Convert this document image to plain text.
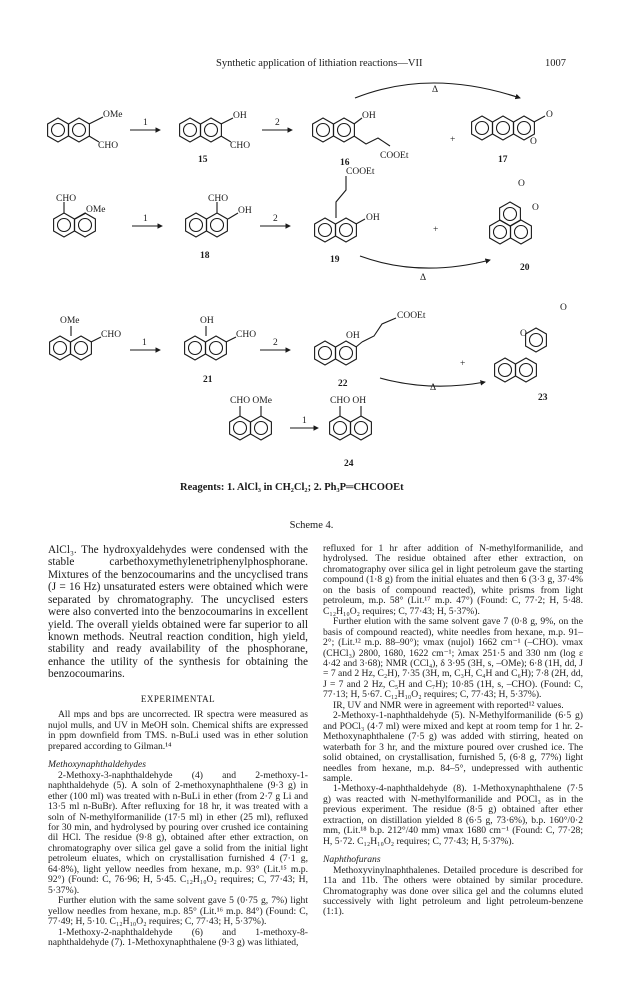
Synthetic application of lithiation reactions—VII	1007
OMe
CHO
1
OH
CHO
15
2
OH
COOEt
16
Δ
+
O
O
17
CHO
OMe
1
CHO
OH
18
2
COOEt
OH
19
+
Δ
O
O
20
OMe
CHO
1
OH
CHO
21
2
OH
COOEt
22
+
Δ
O
O
23
CHO OMe
1
CHO OH
24
Reagents: 1. AlCl₃ in CH₂Cl₂; 2. Ph₃P═CHCOOEt
Scheme 4.

AlCl₃. The hydroxyaldehydes were condensed with the stable carbethoxymethylenetriphenylphosphorane. Mixtures of the benzocoumarins and the uncyclised trans (J = 16 Hz) unsaturated esters were obtained which were separated by chromatography. The uncyclised esters were also converted into the benzocoumarins in excellent yield. The overall yields obtained were far superior to all known methods. Neutral reaction condition, high yield, stability and ready availability of the phosphorane, enhance the utility of the synthesis for obtaining the benzocoumarins.

EXPERIMENTAL

All mps and bps are uncorrected. IR spectra were measured as nujol mulls, and UV in MeOH soln. Chemical shifts are expressed in ppm downfield from TMS. n-BuLi used was in ether solution prepared according to Gilman.¹⁴

Methoxynaphthaldehydes

2-Methoxy-3-naphthaldehyde (4) and 2-methoxy-1-naphthaldehyde (5). A soln of 2-methoxynaphthalene (9·3 g) in ether (100 ml) was treated with n-BuLi in ether (from 2·7 g Li and 13·5 ml n-BuBr). After refluxing for 18 hr, it was treated with a soln of N-methylformanilide (17·5 ml) in ether (25 ml), refluxed for 30 min, and hydrolysed by pouring over crushed ice containing dil HCl. The residue (9·8 g), obtained after ether extraction, on chromatography over silica gel gave a solid from the initial light petroleum eluates, which on crystallisation furnished 4 (7·1 g, 64·8%), light yellow needles from hexane, m.p. 93° (Lit.¹⁵ m.p. 92°) (Found: C, 76·96; H, 5·45. C₁₂H₁₀O₂ requires; C, 77·43; H, 5·37%).

Further elution with the same solvent gave 5 (0·75 g, 7%) light yellow needles from hexane, m.p. 85° (Lit.¹⁶ m.p. 84°) (Found: C, 77·49; H, 5·10. C₁₂H₁₀O₂ requires; C, 77·43; H, 5·37%).

1-Methoxy-2-naphthaldehyde (6) and 1-methoxy-8-naphthaldehyde (7). 1-Methoxynaphthalene (9·3 g) was lithiated,

refluxed for 1 hr after addition of N-methylformanilide, and hydrolysed. The residue obtained after ether extraction, on chromatography over silica gel in light petroleum gave the starting compound (1·8 g) from the initial eluates and then 6 (3·3 g, 37·4% on the basis of compound reacted), white prisms from light petroleum, m.p. 58° (Lit.¹⁷ m.p. 47°) (Found: C, 77·2; H, 5·48. C₁₂H₁₀O₂ requires; C, 77·43; H, 5·37%).

Further elution with the same solvent gave 7 (0·8 g, 9%, on the basis of compound reacted), white needles from hexane, m.p. 91–2°; (Lit.¹² m.p. 88–90°); νmax (nujol) 1662 cm⁻¹ (–CHO). νmax (CHCl₃) 2800, 1680, 1622 cm⁻¹; λmax 251·5 and 330 nm (log ε 4·42 and 3·68); NMR (CCl₄), δ 3·95 (3H, s, –OMe); 6·8 (1H, dd, J = 7 and 2 Hz, C₂H), 7·35 (3H, m, C₃H, C₄H and C₆H); 7·8 (2H, dd, J = 7 and 2 Hz, C₅H and C₇H); 10·85 (1H, s, –CHO). (Found: C, 77·13; H, 5·67. C₁₂H₁₀O₂ requires; C, 77·43; H, 5·37%).

IR, UV and NMR were in agreement with reported¹² values.

2-Methoxy-1-naphthaldehyde (5). N-Methylformanilide (6·5 g) and POCl₃ (4·7 ml) were mixed and kept at room temp for 1 hr. 2-Methoxynaphthalene (7·5 g) was added with stirring, heated on waterbath for 3 hr, and the mixture poured over crushed ice. The solid obtained, on crystallisation, furnished 5, (6·8 g, 77%) light needles from hexane, m.p. 84–5°, undepressed with authentic sample.

1-Methoxy-4-naphthaldehyde (8). 1-Methoxynaphthalene (7·5 g) was reacted with N-methylformanilide and POCl₃ as in the previous experiment. The residue (8·5 g) obtained after ether extraction, on distillation yielded 8 (6·5 g, 73·6%), b.p. 160°/0·2 mm, (Lit.¹⁸ b.p. 212°/40 mm) νmax 1680 cm⁻¹ (Found: C, 77·28; H, 5·72. C₁₂H₁₀O₂ requires; C, 77·43; H, 5·37%).

Naphthofurans

Methoxyvinylnaphthalenes. Detailed procedure is described for 11a and 11b. The others were obtained by similar procedure. Chromatography was done over silica gel and the columns eluted successively with light petroleum and light petroleum-benzene (1:1).
